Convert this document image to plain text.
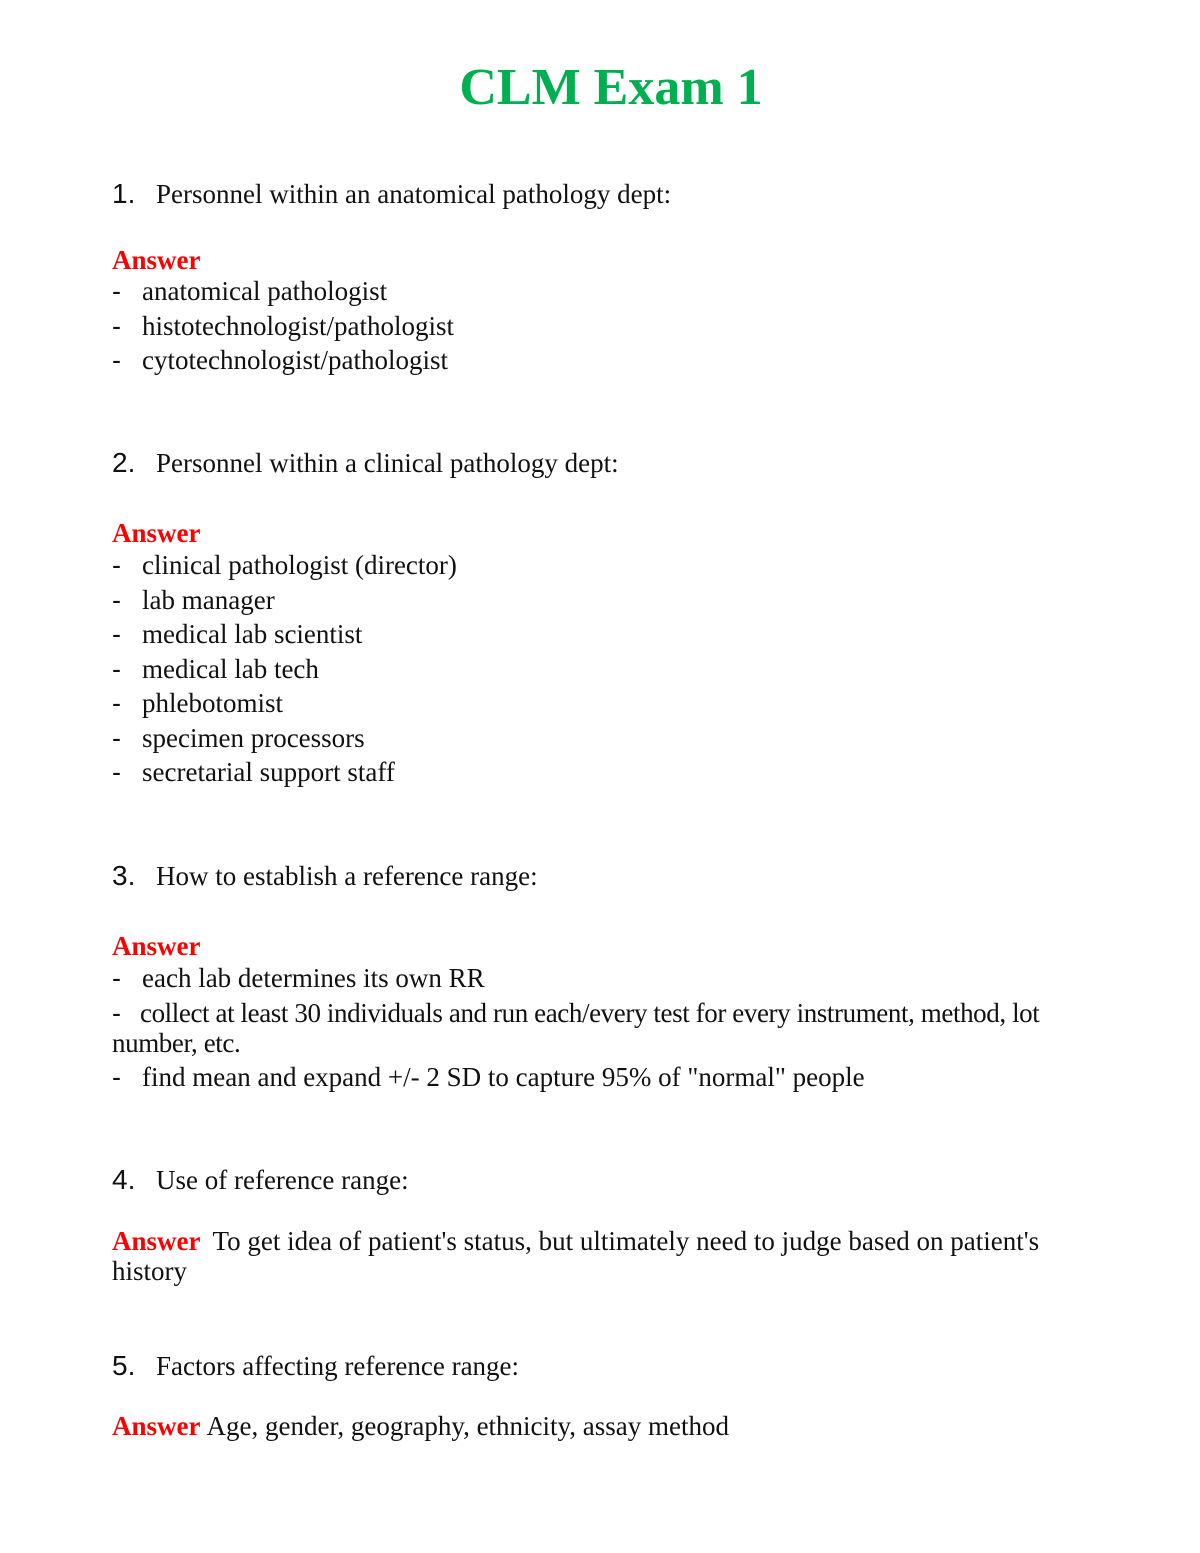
CLM Exam 1
1. Personnel within an anatomical pathology dept:
Answer
- anatomical pathologist
- histotechnologist/pathologist
- cytotechnologist/pathologist
2. Personnel within a clinical pathology dept:
Answer
- clinical pathologist (director)
- lab manager
- medical lab scientist
- medical lab tech
- phlebotomist
- specimen processors
- secretarial support staff
3. How to establish a reference range:
Answer
- each lab determines its own RR
- collect at least 30 individuals and run each/every test for every instrument, method, lot number, etc.
- find mean and expand +/- 2 SD to capture 95% of "normal" people
4. Use of reference range:
Answer To get idea of patient's status, but ultimately need to judge based on patient's history
5. Factors affecting reference range:
Answer Age, gender, geography, ethnicity, assay method
